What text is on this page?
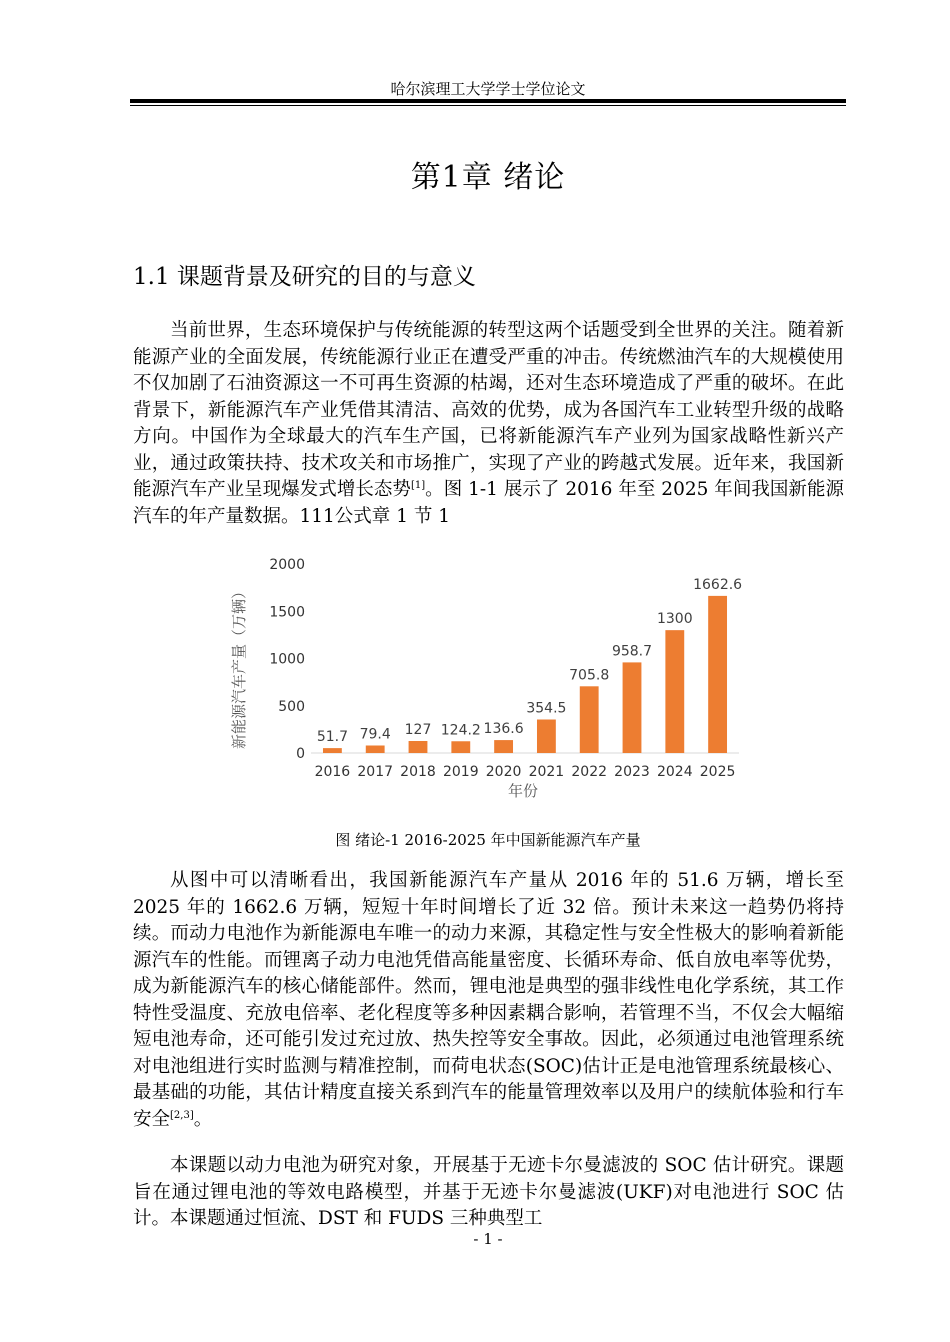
哈尔滨理工大学学士学位论文
第1章 绪论
1.1 课题背景及研究的目的与意义

当前世界，生态环境保护与传统能源的转型这两个话题受到全世界的关注。随着新能源产业的全面发展，传统能源行业正在遭受严重的冲击。传统燃油汽车的大规模使用不仅加剧了石油资源这一不可再生资源的枯竭，还对生态环境造成了严重的破坏。在此背景下，新能源汽车产业凭借其清洁、高效的优势，成为各国汽车工业转型升级的战略方向。中国作为全球最大的汽车生产国，已将新能源汽车产业列为国家战略性新兴产业，通过政策扶持、技术攻关和市场推广，实现了产业的跨越式发展。近年来，我国新能源汽车产业呈现爆发式增长态势[1]。图 1-1 展示了 2016 年至 2025 年间我国新能源汽车的年产量数据。111公式章 1 节 1

0
500
1000
1500
2000
新能源汽车产量（万辆）
年份
51.7
2016
79.4
2017
127
2018
124.2
2019
136.6
2020
354.5
2021
705.8
2022
958.7
2023
1300
2024
1662.6
2025
图 绪论-1 2016-2025 年中国新能源汽车产量

从图中可以清晰看出，我国新能源汽车产量从 2016 年的 51.6 万辆，增长至 2025 年的 1662.6 万辆，短短十年时间增长了近 32 倍。预计未来这一趋势仍将持续。而动力电池作为新能源电车唯一的动力来源，其稳定性与安全性极大的影响着新能源汽车的性能。而锂离子动力电池凭借高能量密度、长循环寿命、低自放电率等优势，成为新能源汽车的核心储能部件。然而，锂电池是典型的强非线性电化学系统，其工作特性受温度、充放电倍率、老化程度等多种因素耦合影响，若管理不当，不仅会大幅缩短电池寿命，还可能引发过充过放、热失控等安全事故。因此，必须通过电池管理系统对电池组进行实时监测与精准控制，而荷电状态(SOC)估计正是电池管理系统最核心、最基础的功能，其估计精度直接关系到汽车的能量管理效率以及用户的续航体验和行车安全[2,3]。

本课题以动力电池为研究对象，开展基于无迹卡尔曼滤波的 SOC 估计研究。课题旨在通过锂电池的等效电路模型，并基于无迹卡尔曼滤波(UKF)对电池进行 SOC 估计。本课题通过恒流、DST 和 FUDS 三种典型工

- 1 -
